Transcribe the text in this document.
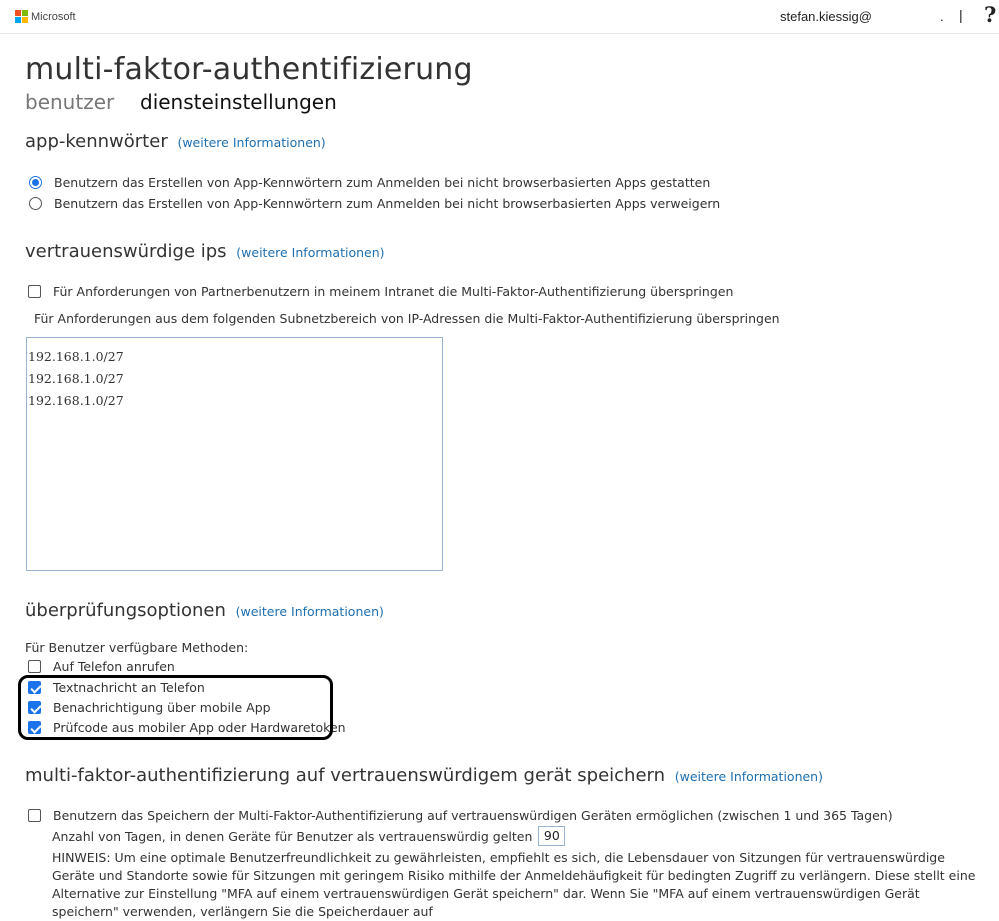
Microsoft	stefan.kiessig@	. | ?
multi-faktor-authentifizierung
benutzer diensteinstellungen
app-kennwörter (weitere Informationen)
Benutzern das Erstellen von App-Kennwörtern zum Anmelden bei nicht browserbasierten Apps gestatten
Benutzern das Erstellen von App-Kennwörtern zum Anmelden bei nicht browserbasierten Apps verweigern
vertrauenswürdige ips (weitere Informationen)
Für Anforderungen von Partnerbenutzern in meinem Intranet die Multi-Faktor-Authentifizierung überspringen
Für Anforderungen aus dem folgenden Subnetzbereich von IP-Adressen die Multi-Faktor-Authentifizierung überspringen
192.168.1.0/27
192.168.1.0/27
192.168.1.0/27
überprüfungsoptionen (weitere Informationen)
Für Benutzer verfügbare Methoden:
Auf Telefon anrufen
Textnachricht an Telefon
Benachrichtigung über mobile App
Prüfcode aus mobiler App oder Hardwaretoken
multi-faktor-authentifizierung auf vertrauenswürdigem gerät speichern (weitere Informationen)
Benutzern das Speichern der Multi-Faktor-Authentifizierung auf vertrauenswürdigen Geräten ermöglichen (zwischen 1 und 365 Tagen)
Anzahl von Tagen, in denen Geräte für Benutzer als vertrauenswürdig gelten 90
HINWEIS: Um eine optimale Benutzerfreundlichkeit zu gewährleisten, empfiehlt es sich, die Lebensdauer von Sitzungen für vertrauenswürdige Geräte und Standorte sowie für Sitzungen mit geringem Risiko mithilfe der Anmeldehäufigkeit für bedingten Zugriff zu verlängern. Diese stellt eine Alternative zur Einstellung "MFA auf einem vertrauenswürdigen Gerät speichern" dar. Wenn Sie "MFA auf einem vertrauenswürdigen Gerät speichern" verwenden, verlängern Sie die Speicherdauer auf
